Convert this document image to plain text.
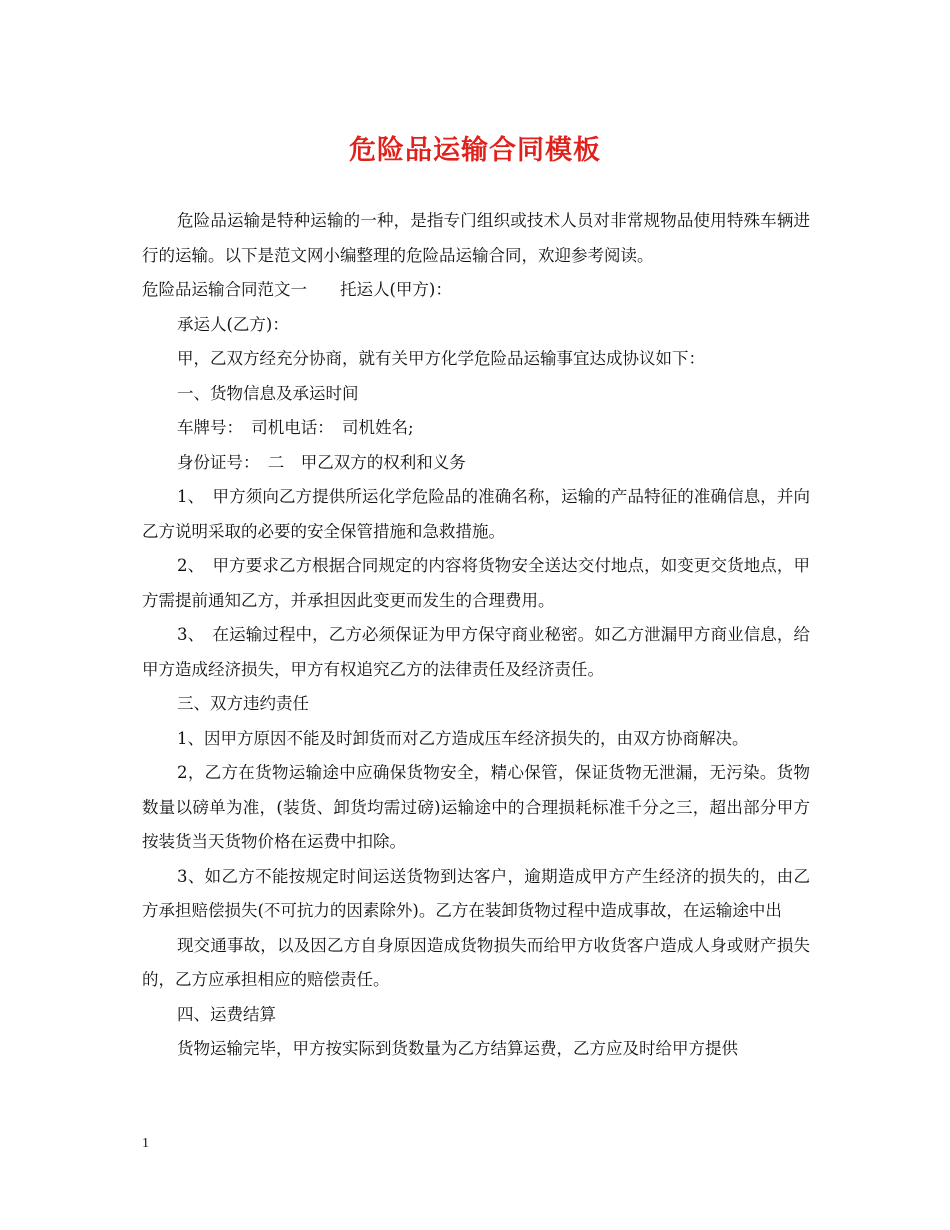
危险品运输合同模板

危险品运输是特种运输的一种，是指专门组织或技术人员对非常规物品使用特殊车辆进行的运输。以下是范文网小编整理的危险品运输合同，欢迎参考阅读。

危险品运输合同范文一　　托运人(甲方)：

承运人(乙方)：

甲，乙双方经充分协商，就有关甲方化学危险品运输事宜达成协议如下：

一、货物信息及承运时间

车牌号：　司机电话：　司机姓名;

身份证号：　二　甲乙双方的权利和义务

1、　甲方须向乙方提供所运化学危险品的准确名称，运输的产品特征的准确信息，并向乙方说明采取的必要的安全保管措施和急救措施。

2、　甲方要求乙方根据合同规定的内容将货物安全送达交付地点，如变更交货地点，甲方需提前通知乙方，并承担因此变更而发生的合理费用。

3、　在运输过程中，乙方必须保证为甲方保守商业秘密。如乙方泄漏甲方商业信息，给甲方造成经济损失，甲方有权追究乙方的法律责任及经济责任。

三、双方违约责任

1、因甲方原因不能及时卸货而对乙方造成压车经济损失的，由双方协商解决。

2，乙方在货物运输途中应确保货物安全，精心保管，保证货物无泄漏，无污染。货物数量以磅单为准，(装货、卸货均需过磅)运输途中的合理损耗标准千分之三，超出部分甲方按装货当天货物价格在运费中扣除。

3、如乙方不能按规定时间运送货物到达客户，逾期造成甲方产生经济的损失的，由乙方承担赔偿损失(不可抗力的因素除外)。乙方在装卸货物过程中造成事故，在运输途中出

现交通事故，以及因乙方自身原因造成货物损失而给甲方收货客户造成人身或财产损失的，乙方应承担相应的赔偿责任。

四、运费结算

货物运输完毕，甲方按实际到货数量为乙方结算运费，乙方应及时给甲方提供

1
